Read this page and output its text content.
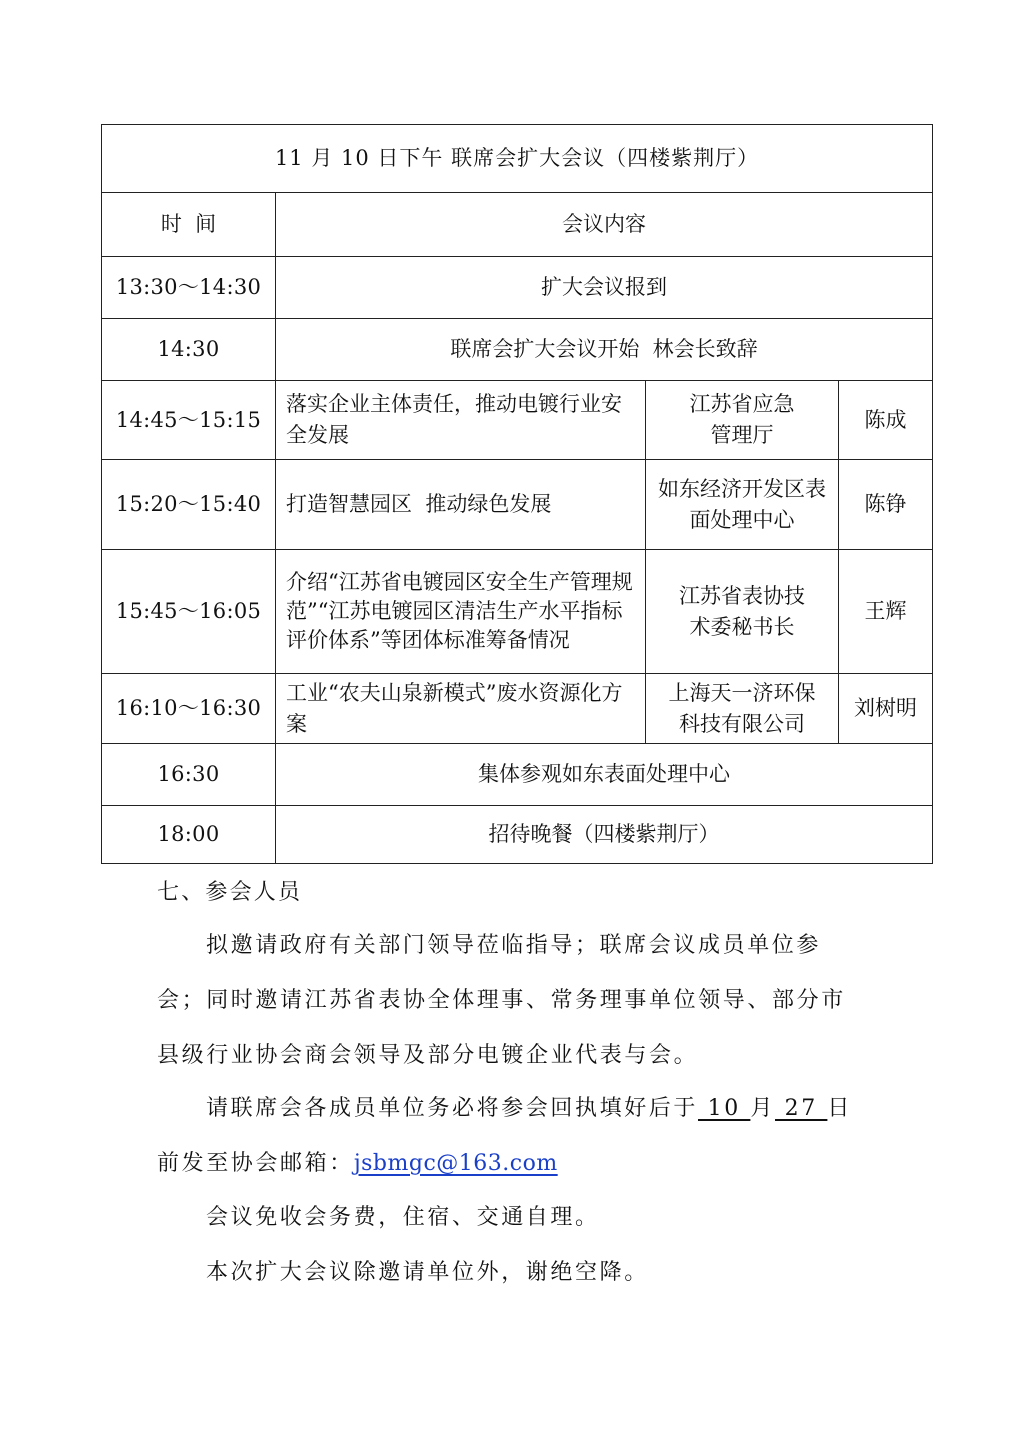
11 月 10 日下午 联席会扩大会议（四楼紫荆厅）			
时  间	会议内容		
13:30～14:30	扩大会议报到		
14:30	联席会扩大会议开始  林会长致辞		
14:45～15:15	落实企业主体责任，推动电镀行业安全发展	江苏省应急管理厅	陈成
15:20～15:40	打造智慧园区  推动绿色发展	如东经济开发区表面处理中心	陈铮
15:45～16:05	介绍“江苏省电镀园区安全生产管理规范”“江苏电镀园区清洁生产水平指标评价体系”等团体标准筹备情况	江苏省表协技术委秘书长	王辉
16:10～16:30	工业“农夫山泉新模式”废水资源化方案	上海天一济环保科技有限公司	刘树明
16:30	集体参观如东表面处理中心		
18:00	招待晚餐（四楼紫荆厅）		
七、参会人员

拟邀请政府有关部门领导莅临指导；联席会议成员单位参会；同时邀请江苏省表协全体理事、常务理事单位领导、部分市县级行业协会商会领导及部分电镀企业代表与会。

请联席会各成员单位务必将参会回执填好后于 10 月 27 日前发至协会邮箱：jsbmgc@163.com

会议免收会务费，住宿、交通自理。

本次扩大会议除邀请单位外，谢绝空降。
